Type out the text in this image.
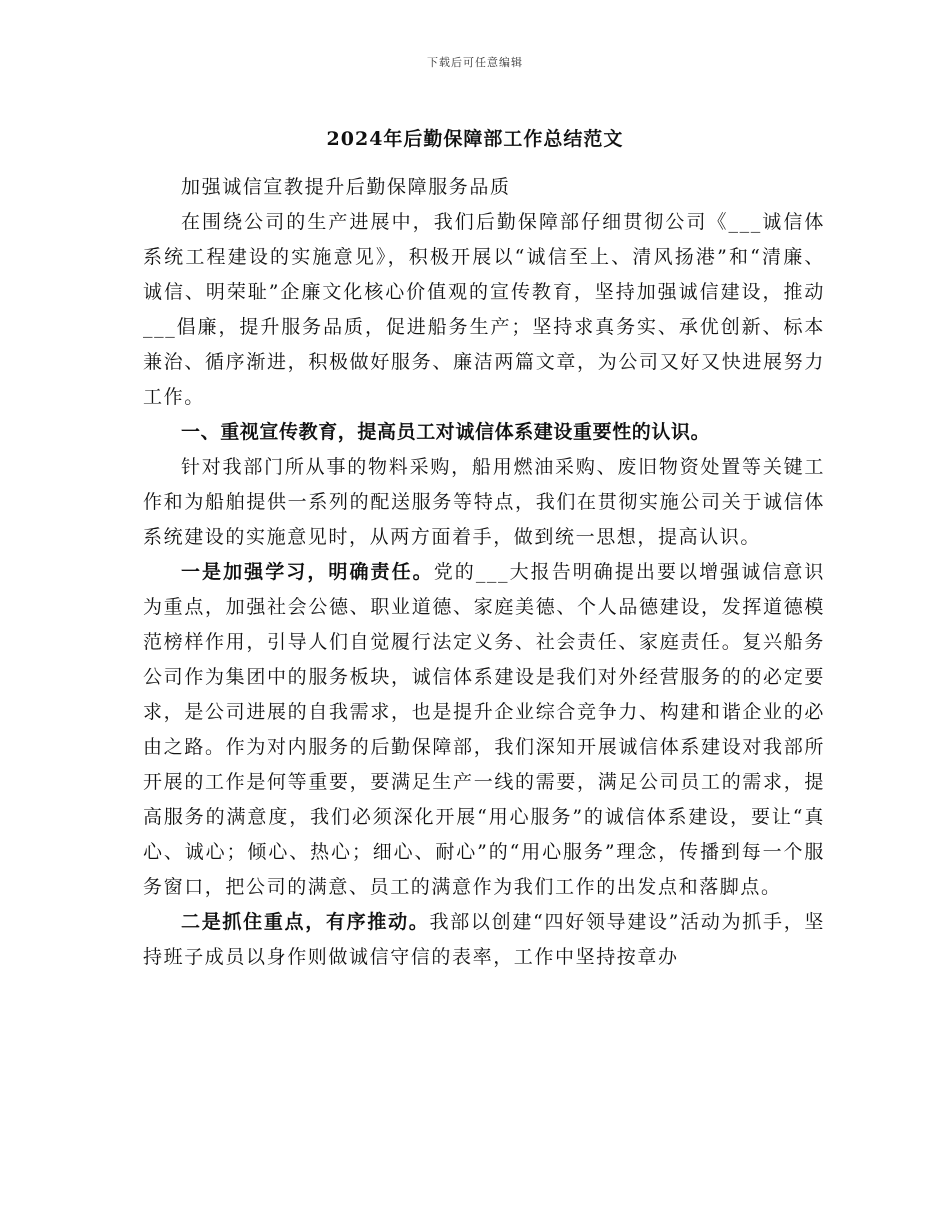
下载后可任意编辑
2024年后勤保障部工作总结范文

加强诚信宣教提升后勤保障服务品质

在围绕公司的生产进展中，我们后勤保障部仔细贯彻公司《___诚信体系统工程建设的实施意见》，积极开展以“诚信至上、清风扬港”和“清廉、诚信、明荣耻”企廉文化核心价值观的宣传教育，坚持加强诚信建设，推动___倡廉，提升服务品质，促进船务生产；坚持求真务实、承优创新、标本兼治、循序渐进，积极做好服务、廉洁两篇文章，为公司又好又快进展努力工作。

一、重视宣传教育，提高员工对诚信体系建设重要性的认识。

针对我部门所从事的物料采购，船用燃油采购、废旧物资处置等关键工作和为船舶提供一系列的配送服务等特点，我们在贯彻实施公司关于诚信体系统建设的实施意见时，从两方面着手，做到统一思想，提高认识。

一是加强学习，明确责任。党的___大报告明确提出要以增强诚信意识为重点，加强社会公德、职业道德、家庭美德、个人品德建设，发挥道德模范榜样作用，引导人们自觉履行法定义务、社会责任、家庭责任。复兴船务公司作为集团中的服务板块，诚信体系建设是我们对外经营服务的的必定要求，是公司进展的自我需求，也是提升企业综合竞争力、构建和谐企业的必由之路。作为对内服务的后勤保障部，我们深知开展诚信体系建设对我部所开展的工作是何等重要，要满足生产一线的需要，满足公司员工的需求，提高服务的满意度，我们必须深化开展“用心服务”的诚信体系建设，要让“真心、诚心；倾心、热心；细心、耐心”的“用心服务”理念，传播到每一个服务窗口，把公司的满意、员工的满意作为我们工作的出发点和落脚点。

二是抓住重点，有序推动。我部以创建“四好领导建设”活动为抓手，坚持班子成员以身作则做诚信守信的表率，工作中坚持按章办
